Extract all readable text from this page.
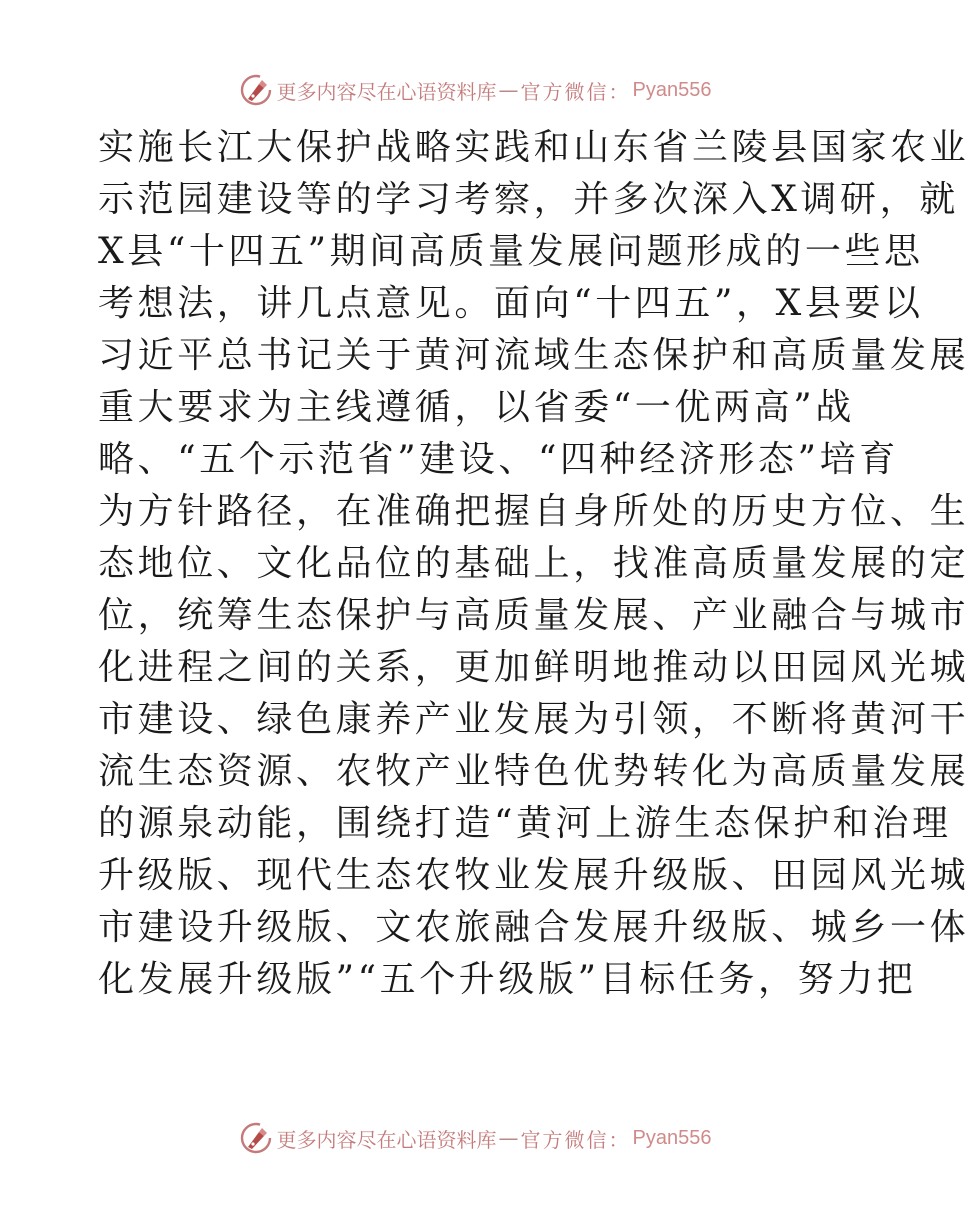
更多内容尽在心语资料库 — 官方微信： Pyan556
实施长江大保护战略实践和山东省兰陵县国家农业
示范园建设等的学习考察，并多次深入X调研，就
X县“十四五”期间高质量发展问题形成的一些思
考想法，讲几点意见。面向“十四五”，X县要以
习近平总书记关于黄河流域生态保护和高质量发展
重大要求为主线遵循，以省委“一优两高”战
略、“五个示范省”建设、“四种经济形态”培育
为方针路径，在准确把握自身所处的历史方位、生
态地位、文化品位的基础上，找准高质量发展的定
位，统筹生态保护与高质量发展、产业融合与城市
化进程之间的关系，更加鲜明地推动以田园风光城
市建设、绿色康养产业发展为引领，不断将黄河干
流生态资源、农牧产业特色优势转化为高质量发展
的源泉动能，围绕打造“黄河上游生态保护和治理
升级版、现代生态农牧业发展升级版、田园风光城
市建设升级版、文农旅融合发展升级版、城乡一体
化发展升级版”“五个升级版”目标任务，努力把
更多内容尽在心语资料库 — 官方微信： Pyan556
